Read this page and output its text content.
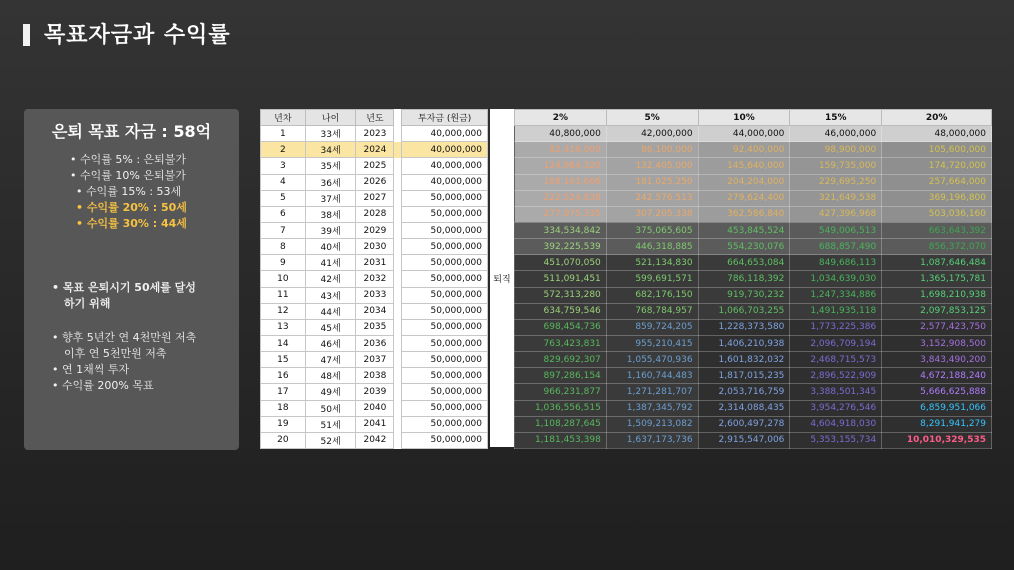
목표자금과 수익률
은퇴 목표 자금 : 58억
• 수익률 5% : 은퇴불가
• 수익률 10% 은퇴불가
• 수익률 15% : 53세
• 수익률 20% : 50세
• 수익률 30% : 44세
• 목표 은퇴시기 50세를 달성
하기 위해
• 향후 5년간 연 4천만원 저축
이후 연 5천만원 저축
• 연 1채씩 투자
• 수익률 200% 목표
년차	나이	년도		투자금 (원금)
1	33세	2023		40,000,000
2	34세	2024		40,000,000
3	35세	2025		40,000,000
4	36세	2026		40,000,000
5	37세	2027		50,000,000
6	38세	2028		50,000,000
7	39세	2029		50,000,000
8	40세	2030		50,000,000
9	41세	2031		50,000,000
10	42세	2032		50,000,000
11	43세	2033		50,000,000
12	44세	2034		50,000,000
13	45세	2035		50,000,000
14	46세	2036		50,000,000
15	47세	2037		50,000,000
16	48세	2038		50,000,000
17	49세	2039		50,000,000
18	50세	2040		50,000,000
19	51세	2041		50,000,000
20	52세	2042		50,000,000
퇴직
2%	5%	10%	15%	20%
40,800,000	42,000,000	44,000,000	46,000,000	48,000,000
82,416,000	86,100,000	92,400,000	98,900,000	105,600,000
124,864,320	132,405,000	145,640,000	159,735,000	174,720,000
168,161,606	181,025,250	204,204,000	229,695,250	257,664,000
222,524,838	242,576,513	279,624,400	321,649,538	369,196,800
277,975,335	307,205,338	362,586,840	427,396,968	503,036,160
334,534,842	375,065,605	453,845,524	549,006,513	663,643,392
392,225,539	446,318,885	554,230,076	688,857,490	856,372,070
451,070,050	521,134,830	664,653,084	849,686,113	1,087,646,484
511,091,451	599,691,571	786,118,392	1,034,639,030	1,365,175,781
572,313,280	682,176,150	919,730,232	1,247,334,886	1,698,210,938
634,759,546	768,784,957	1,066,703,255	1,491,935,118	2,097,853,125
698,454,736	859,724,205	1,228,373,580	1,773,225,386	2,577,423,750
763,423,831	955,210,415	1,406,210,938	2,096,709,194	3,152,908,500
829,692,307	1,055,470,936	1,601,832,032	2,468,715,573	3,843,490,200
897,286,154	1,160,744,483	1,817,015,235	2,896,522,909	4,672,188,240
966,231,877	1,271,281,707	2,053,716,759	3,388,501,345	5,666,625,888
1,036,556,515	1,387,345,792	2,314,088,435	3,954,276,546	6,859,951,066
1,108,287,645	1,509,213,082	2,600,497,278	4,604,918,030	8,291,941,279
1,181,453,398	1,637,173,736	2,915,547,006	5,353,155,734	10,010,329,535
